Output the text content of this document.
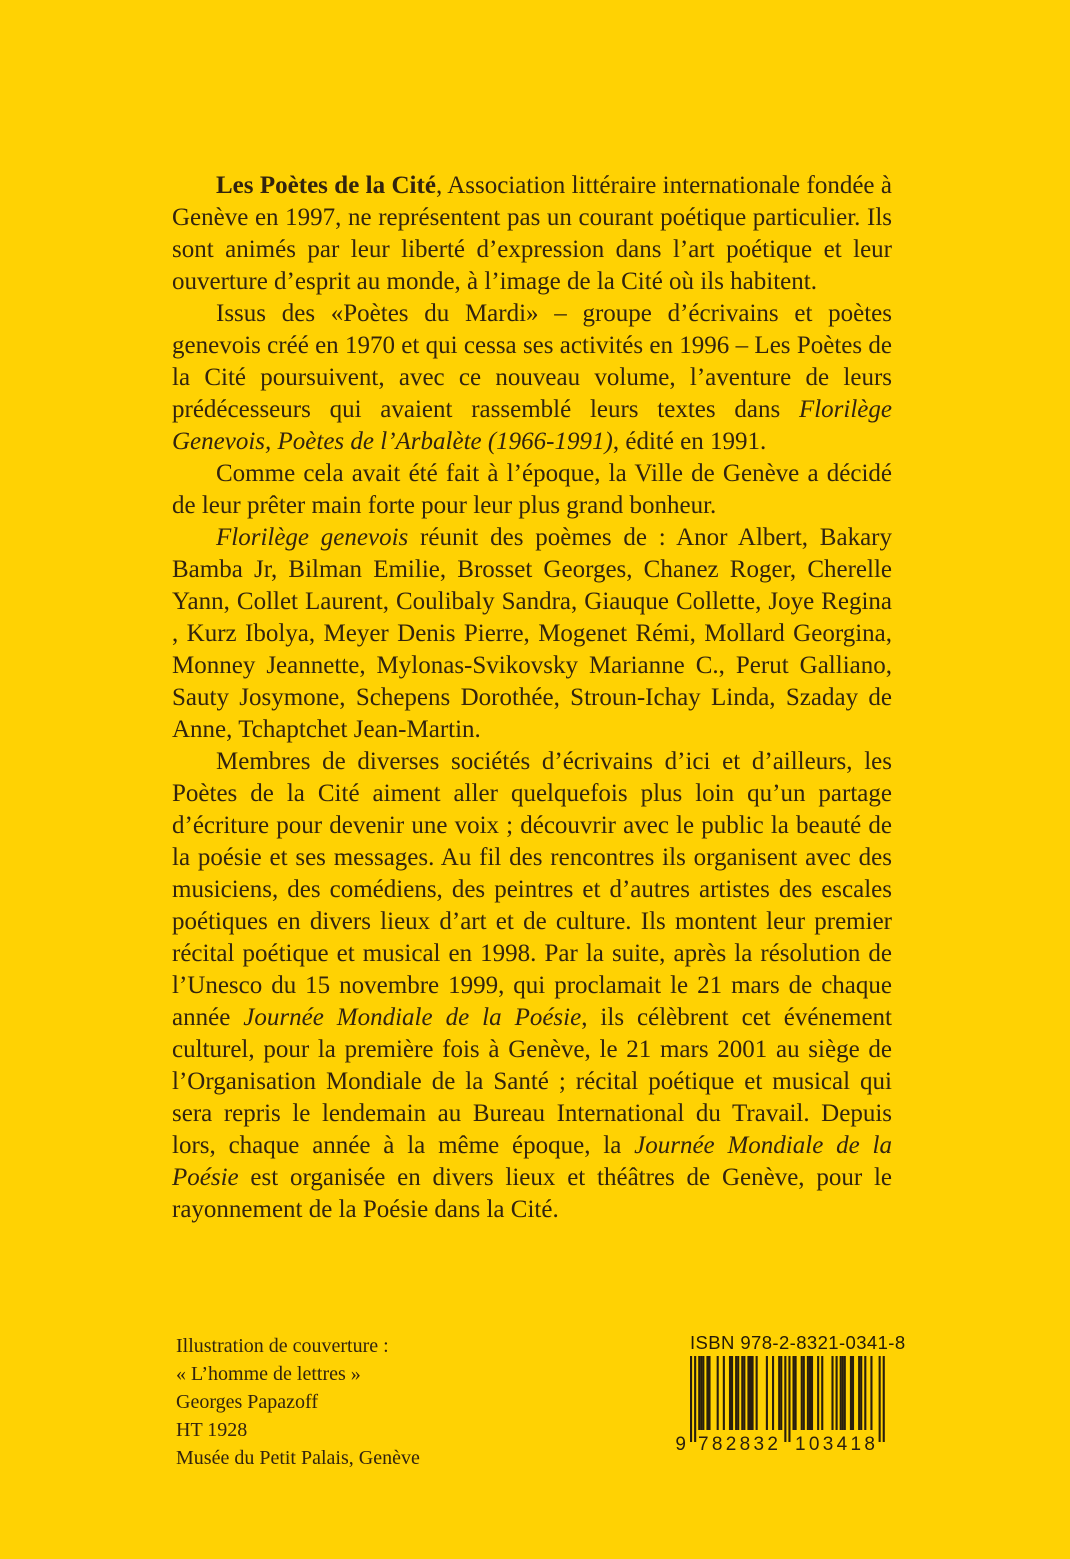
Les Poètes de la Cité, Association littéraire internationale fondée à Genève en 1997, ne représentent pas un courant poétique particulier. Ils sont animés par leur liberté d’expression dans l’art poétique et leur ouverture d’esprit au monde, à l’image de la Cité où ils habitent.

Issus des «Poètes du Mardi» – groupe d’écrivains et poètes genevois créé en 1970 et qui cessa ses activités en 1996 – Les Poètes de la Cité poursuivent, avec ce nouveau volume, l’aventure de leurs prédécesseurs qui avaient rassemblé leurs textes dans Florilège Genevois, Poètes de l’Arbalète (1966-1991), édité en 1991.

Comme cela avait été fait à l’époque, la Ville de Genève a décidé de leur prêter main forte pour leur plus grand bonheur.

Florilège genevois réunit des poèmes de : Anor Albert, Bakary Bamba Jr, Bilman Emilie, Brosset Georges, Chanez Roger, Cherelle Yann, Collet Laurent, Coulibaly Sandra, Giauque Collette, Joye Regina , Kurz Ibolya, Meyer Denis Pierre, Mogenet Rémi, Mollard Georgina, Monney Jeannette, Mylonas-Svikovsky Marianne C., Perut Galliano, Sauty Josymone, Schepens Dorothée, Stroun-Ichay Linda, Szaday de Anne, Tchaptchet Jean-Martin.

Membres de diverses sociétés d’écrivains d’ici et d’ailleurs, les Poètes de la Cité aiment aller quelquefois plus loin qu’un partage d’écriture pour devenir une voix ; découvrir avec le public la beauté de la poésie et ses messages. Au fil des rencontres ils organisent avec des musiciens, des comédiens, des peintres et d’autres artistes des escales poétiques en divers lieux d’art et de culture. Ils montent leur premier récital poétique et musical en 1998. Par la suite, après la résolution de l’Unesco du 15 novembre 1999, qui proclamait le 21 mars de chaque année Journée Mondiale de la Poésie, ils célèbrent cet événement culturel, pour la première fois à Genève, le 21 mars 2001 au siège de l’Organisation Mondiale de la Santé ; récital poétique et musical qui sera repris le lendemain au Bureau International du Travail. Depuis lors, chaque année à la même époque, la Journée Mondiale de la Poésie est organisée en divers lieux et théâtres de Genève, pour le rayonnement de la Poésie dans la Cité.

Illustration de couverture :
« L’homme de lettres »
Georges Papazoff
HT 1928
Musée du Petit Palais, Genève
ISBN 978-2-8321-0341-8
9 782832 103418
